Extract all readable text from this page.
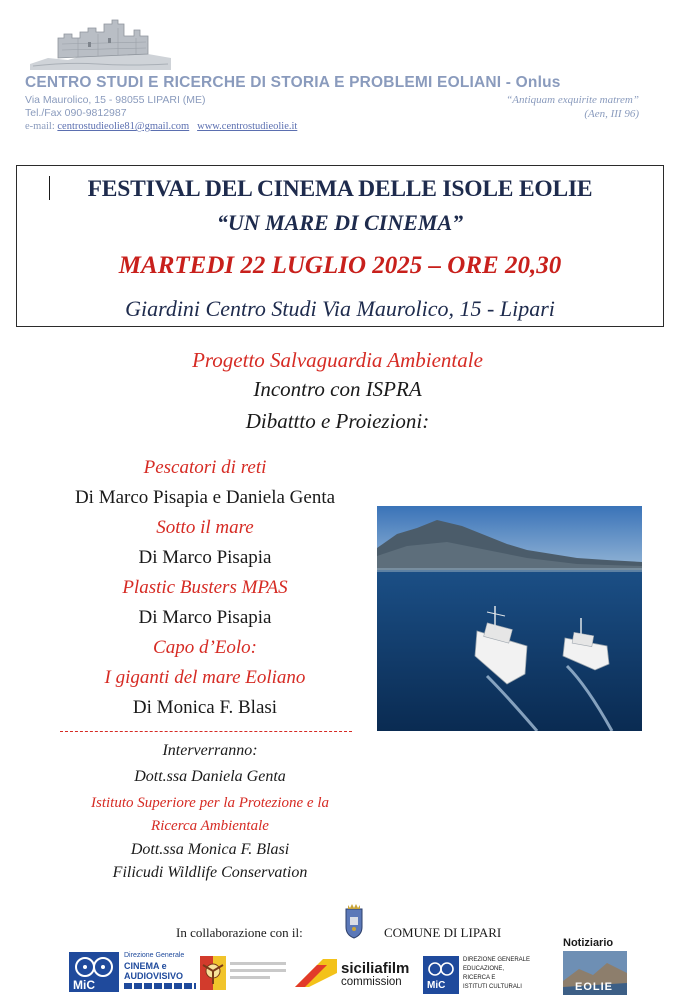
CENTRO STUDI E RICERCHE DI STORIA E PROBLEMI EOLIANI - Onlus
Via Maurolico, 15 - 98055 LIPARI (ME)
Tel./Fax 090-9812987
e-mail: centrostudieolie81@gmail.com www.centrostudieolie.it
“Antiquam exquirite matrem”
(Aen, III 96)
FESTIVAL DEL CINEMA DELLE ISOLE EOLIE
“UN MARE DI CINEMA”
MARTEDI 22 LUGLIO 2025 – ORE 20,30
Giardini Centro Studi Via Maurolico, 15 - Lipari
Progetto Salvaguardia Ambientale
Incontro con ISPRA
Dibattto e Proiezioni:
Pescatori di reti
Di Marco Pisapia e Daniela Genta
Sotto il mare
Di Marco Pisapia
Plastic Busters MPAS
Di Marco Pisapia
Capo d’Eolo:
I giganti del mare Eoliano
Di Monica F. Blasi
Interverranno:
Dott.ssa Daniela Genta
Istituto Superiore per la Protezione e la
Ricerca Ambientale
Dott.ssa Monica F. Blasi
Filicudi Wildlife Conservation
In collaborazione con il:	COMUNE DI LIPARI
MiC
Direzione Generale
CINEMA e
AUDIOVISIVO	siciliafilm
commission	MiC
DIREZIONE GENERALE
EDUCAZIONE,
RICERCA E
ISTITUTI CULTURALI
Notiziario
EOLIE
